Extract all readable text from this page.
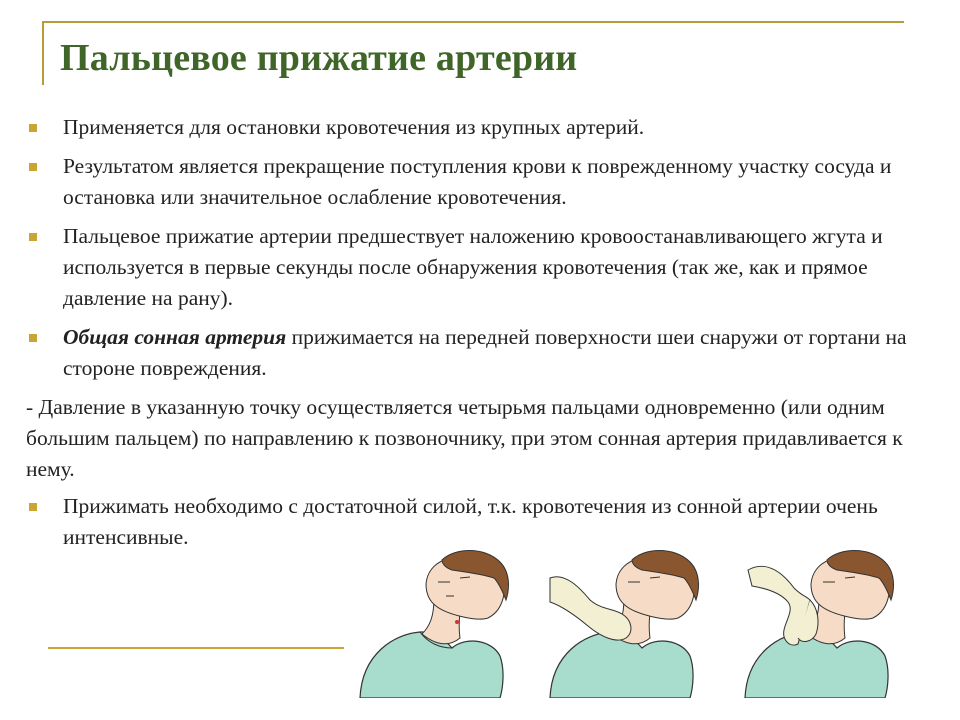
Пальцевое прижатие артерии
Применяется для остановки кровотечения из крупных артерий.
Результатом является прекращение поступления крови к поврежденному участку сосуда и остановка или значительное ослабление кровотечения.
Пальцевое прижатие артерии предшествует наложению кровоостанавливающего жгута и используется в первые секунды после обнаружения кровотечения (так же, как и прямое давление на рану).
Общая сонная артерия прижимается на передней поверхности шеи снаружи от гортани на стороне повреждения.
- Давление в указанную точку осуществляется четырьмя пальцами одновременно (или одним большим пальцем) по направлению к позвоночнику, при этом сонная артерия придавливается к нему.
Прижимать необходимо с достаточной силой, т.к. кровотечения из сонной артерии очень интенсивные.
